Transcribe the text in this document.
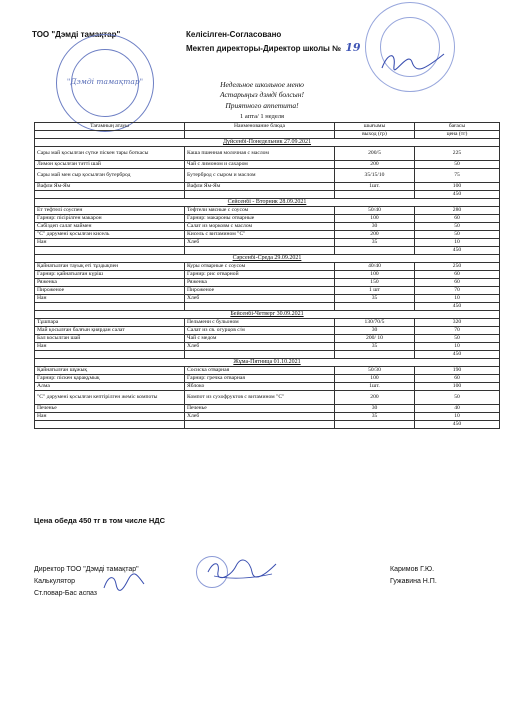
ТОО "Дэмді тамақтар"	Келісілген-Согласовано
Мектеп директоры-Директор школы № 19
"Дэмді тамақтар"	Недельное школьное меню
Астарыңыз дэмді болсын!
Приятного аппетита!
1 апта/ 1 неделя
Тағамның атауы	Наименование блюда	шығымы	бағасы
		выход (гр)	цена (тг)
Дүйсенбі-Понедельник 27.09.2021			
Сары май қосылған сүтке піскен тары боткасы	Каша пшенная молочная с маслом	200/5	225
Лимон қосылған тәтті шай	Чай с лимоном и сахаром	200	50
Сары май мен сыр қосылған бутерброд	Бутерброд с сыром и маслом	35/15/10	75
Вафли Ям-Ям	Вафли Ям-Ям	1шт.	100
			450
Сейсенбі - Вторник 28.09.2021			
Ет тефтелі соуспен	Тефтели мясные с соусом	50/40	280
Гарнир: пісірілген макарон	Гарнир: макароны отварные	100	60
Сәбіздеп салат маймен	Салат из морковм с маслом	30	50
"С" дәрумені қосылған кисель	Кисель с витамином "С"	200	50
Нан	Хлеб	35	10
			450
Сәрсенбі-Среда 29.09.2021			
Қайнатылған тауық еті тұздықпен	Куры отварные с соусом	40/40	250
Гарнир: қайнатылған күріш	Гарнир: рис отварной	100	60
Ряженка	Ряженка	150	60
Пироженое	Пироженое	1 шт	70
Нан	Хлеб	35	10
			450
Бейсенбі-Четверг 30.09.2021			
Тұшпара	Пельмени с бульоном	130/70/5	320
Май қосылған балғын қиярдан салат	Салат из св. огурцов с/м	30	70
Бал косылган шай	Чай с медом	200/ 10	50
Нан	Хлеб	35	10
			450
Жұма-Пятница 01.10.2021			
Қайнатылған шұжық	Сосиска отварная	50/30	190
Гарнир: піскен қарақұмық	Гарнир: гречка отварная	100	60
Алма	Яблоко	1шт.	100
"С" дәрумені қосылған кептірілген жеміс компоты	Компот из сухофруктов с витамином "С"	200	50
Печенье	Печенье	30	40
Нан	Хлеб	35	10
			450
Цена обеда 450 тг в том числе НДС
Директор ТОО "Дэмді тамақтар"
Калькулятор
Ст.повар-Бас аспаз
Каримов Г.Ю.
Гужавина Н.П.
